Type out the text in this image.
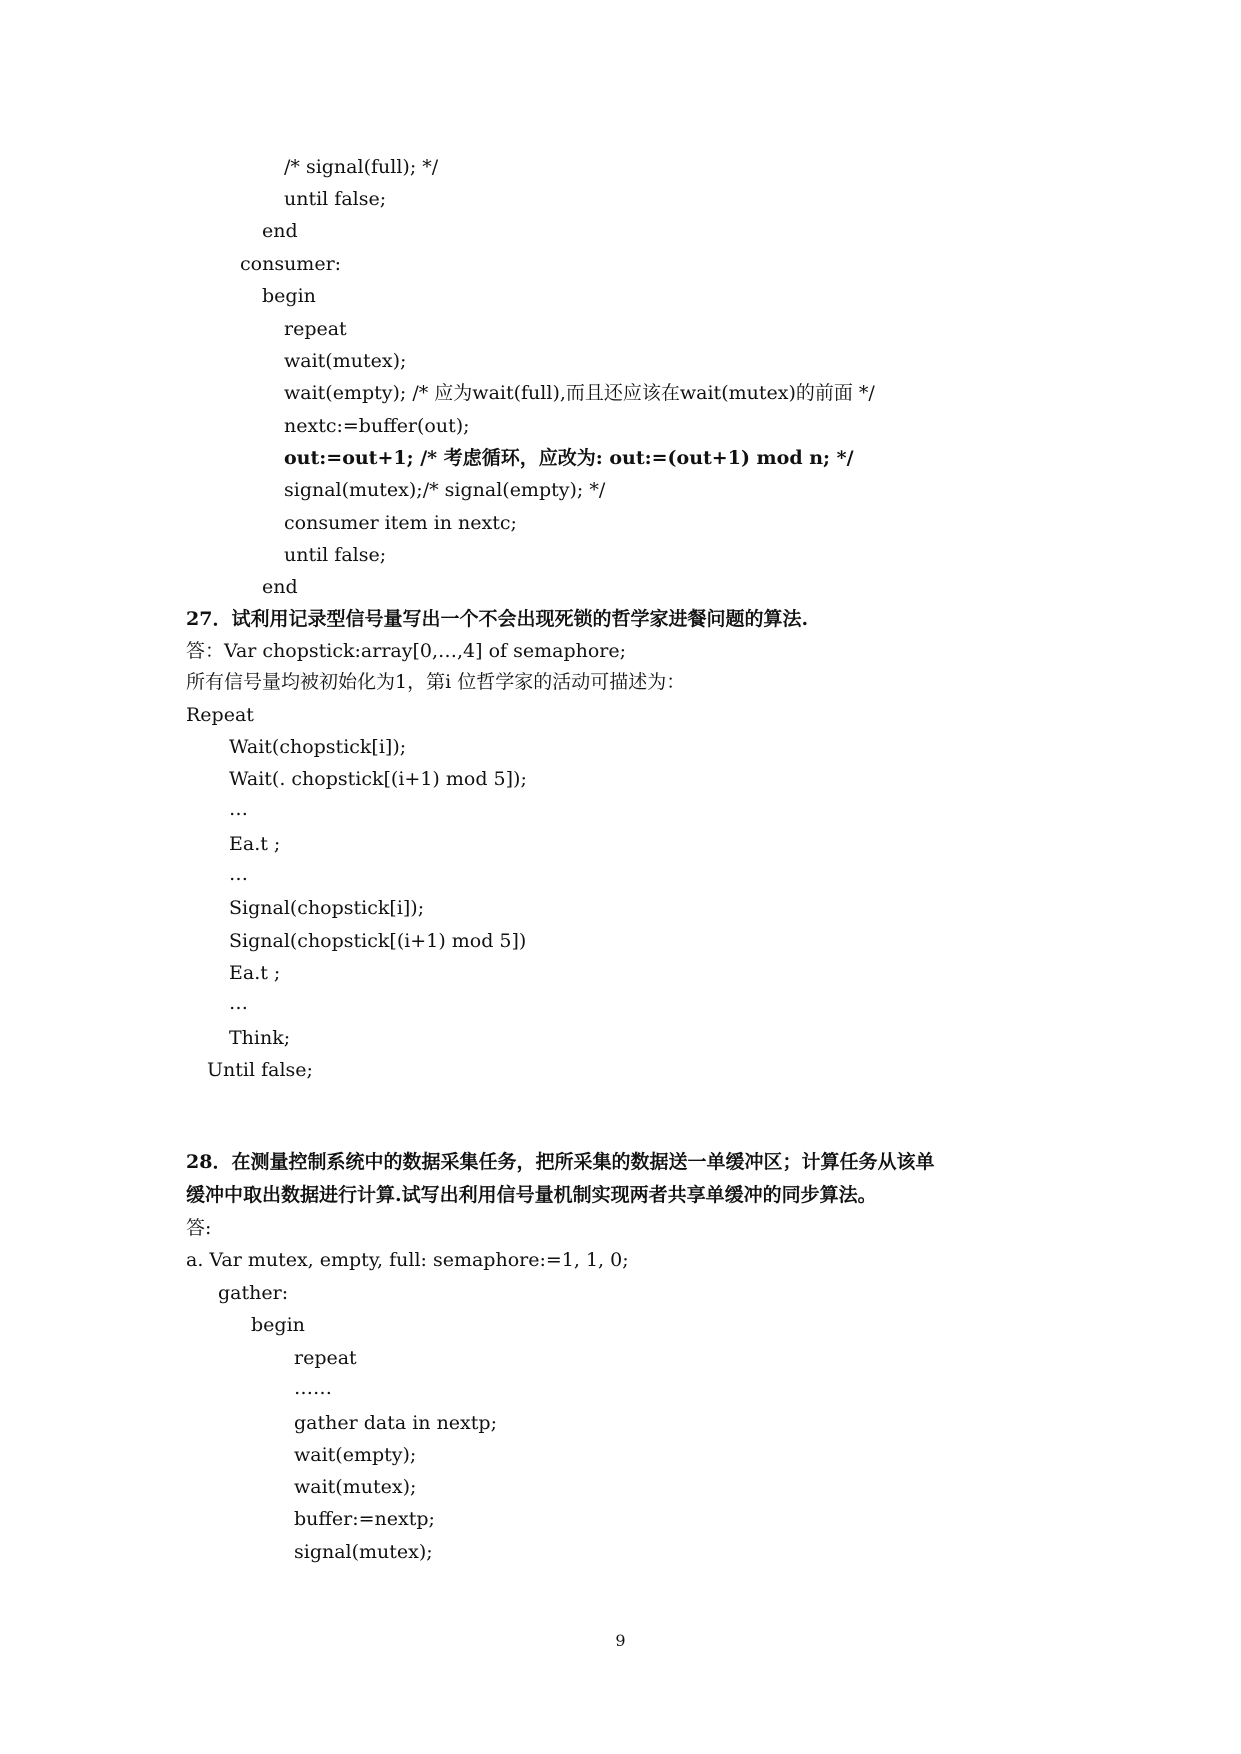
/* signal(full); */
until false;
end
consumer:
begin
repeat
wait(mutex);
wait(empty); /* 应为wait(full),而且还应该在wait(mutex)的前面 */
nextc:=buffer(out);
out:=out+1; /* 考虑循环，应改为: out:=(out+1) mod n; */
signal(mutex);/* signal(empty); */
consumer item in nextc;
until false;
end
27．试利用记录型信号量写出一个不会出现死锁的哲学家进餐问题的算法.
答：Var chopstick:array[0,…,4] of semaphore;
所有信号量均被初始化为1，第i 位哲学家的活动可描述为：
Repeat
Wait(chopstick[i]);
Wait(. chopstick[(i+1) mod 5]);
…
Ea.t ;
…
Signal(chopstick[i]);
Signal(chopstick[(i+1) mod 5])
Ea.t ;
…
Think;
Until false;
28．在测量控制系统中的数据采集任务，把所采集的数据送一单缓冲区；计算任务从该单
缓冲中取出数据进行计算.试写出利用信号量机制实现两者共享单缓冲的同步算法。
答:
a. Var mutex, empty, full: semaphore:=1, 1, 0;
gather:
begin
repeat
……
gather data in nextp;
wait(empty);
wait(mutex);
buffer:=nextp;
signal(mutex);
9
